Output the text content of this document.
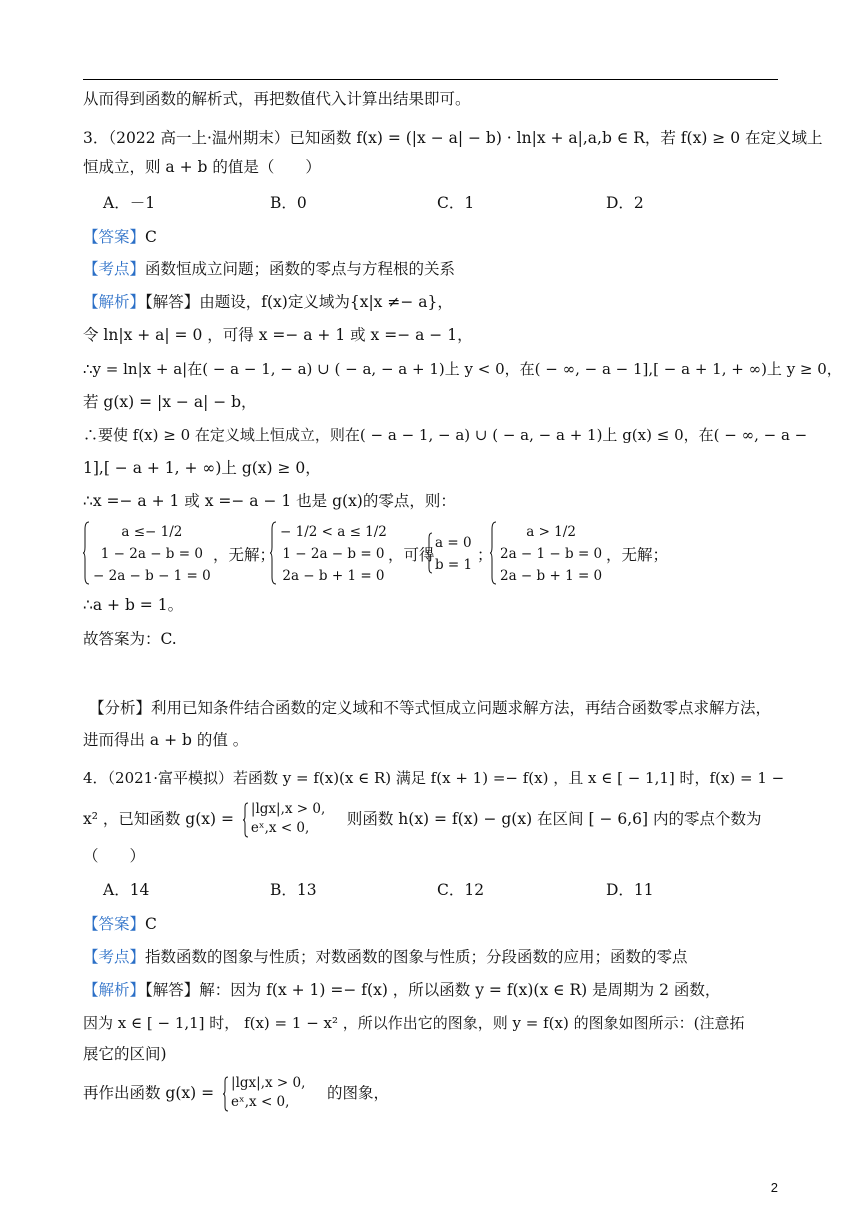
从而得到函数的解析式，再把数值代入计算出结果即可。
3．（2022 高一上·温州期末）已知函数 f(x) = (|x − a| − b) · ln|x + a|,a,b ∈ R，若 f(x) ≥ 0 在定义域上
恒成立，则 a + b 的值是（　　）
A．－1	B．0	C．1	D．2
【答案】C
【考点】函数恒成立问题；函数的零点与方程根的关系
【解析】【解答】由题设，f(x)定义域为{x|x ≠− a}，
令 ln|x + a| = 0 ，可得 x =− a + 1 或 x =− a − 1，
∴y = ln|x + a|在( − a − 1, − a) ∪ ( − a, − a + 1)上 y < 0，在( − ∞, − a − 1],[ − a + 1, + ∞)上 y ≥ 0，
若 g(x) = |x − a| − b，
∴要使 f(x) ≥ 0 在定义域上恒成立，则在( − a − 1, − a) ∪ ( − a, − a + 1)上 g(x) ≤ 0，在( − ∞, − a −
1],[ − a + 1, + ∞)上 g(x) ≥ 0，
∴x =− a + 1 或 x =− a − 1 也是 g(x)的零点，则：
a ≤− 1/2
1 − 2a − b = 0
− 2a − b − 1 = 0
，无解；
− 1/2 < a ≤ 1/2
1 − 2a − b = 0
2a − b + 1 = 0
，可得
a = 0
b = 1
；
a > 1/2
2a − 1 − b = 0
2a − b + 1 = 0
，无解；
∴a + b = 1。
故答案为：C.
【分析】利用已知条件结合函数的定义域和不等式恒成立问题求解方法，再结合函数零点求解方法，
进而得出 a + b 的值 。
4．（2021·富平模拟）若函数 y = f(x)(x ∈ R) 满足 f(x + 1) =− f(x) ，且 x ∈ [ − 1,1] 时，f(x) = 1 −
x² ，已知函数 g(x) =
|lgx|,x > 0,
eˣ,x < 0, 则函数 h(x) = f(x) − g(x) 在区间 [ − 6,6] 内的零点个数为
（　　）
A．14	B．13	C．12	D．11
【答案】C
【考点】指数函数的图象与性质；对数函数的图象与性质；分段函数的应用；函数的零点
【解析】【解答】解：因为 f(x + 1) =− f(x) ，所以函数 y = f(x)(x ∈ R) 是周期为 2 函数，
因为 x ∈ [ − 1,1] 时， f(x) = 1 − x² ，所以作出它的图象，则 y = f(x) 的图象如图所示：(注意拓
展它的区间)
再作出函数 g(x) =
|lgx|,x > 0,
eˣ,x < 0, 的图象，
2
